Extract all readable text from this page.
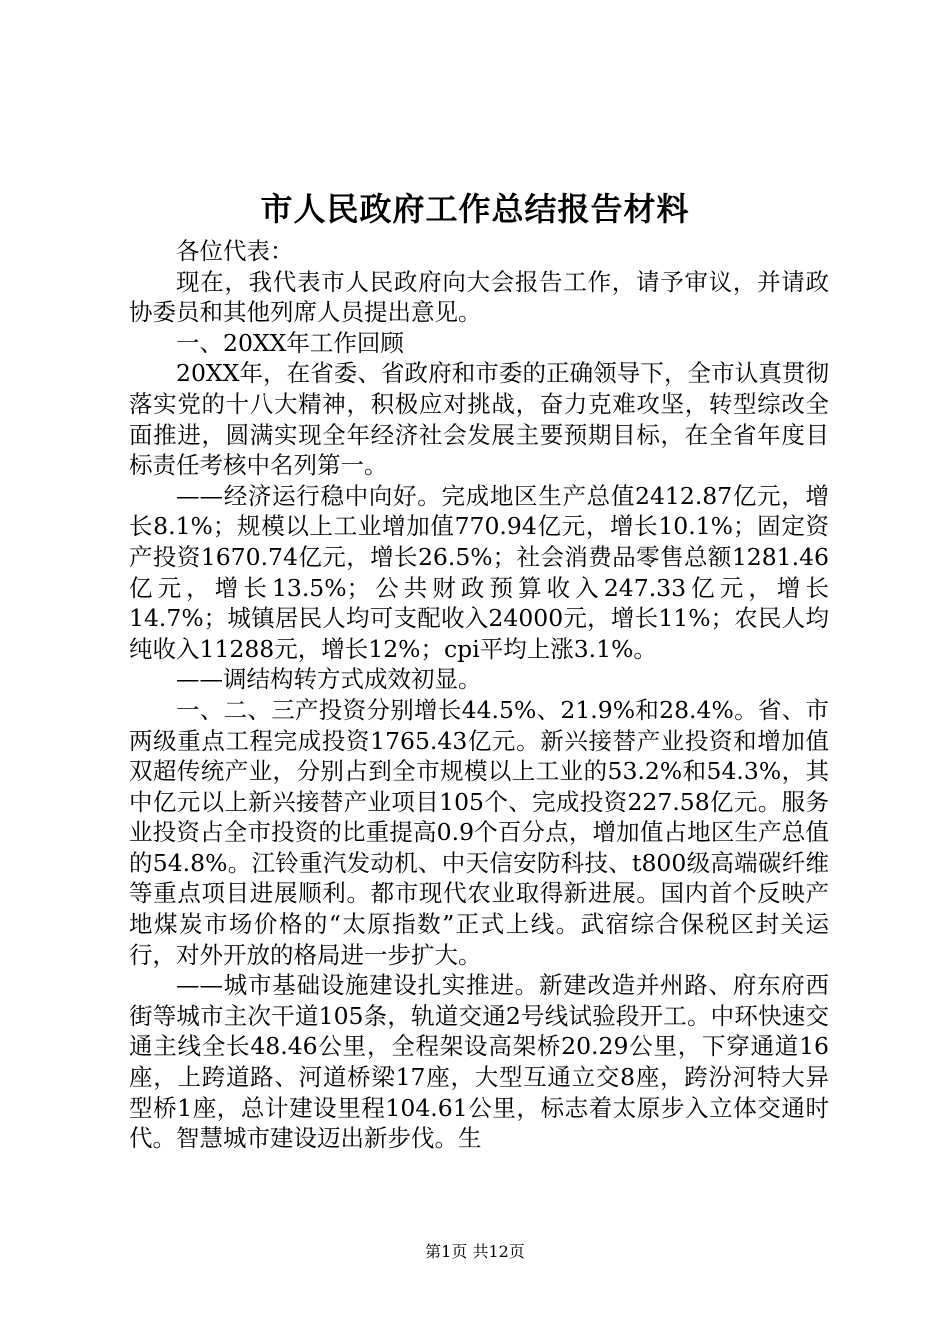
市人民政府工作总结报告材料

各位代表：

现在，我代表市人民政府向大会报告工作，请予审议，并请政协委员和其他列席人员提出意见。

一、20XX年工作回顾

20XX年，在省委、省政府和市委的正确领导下，全市认真贯彻落实党的十八大精神，积极应对挑战，奋力克难攻坚，转型综改全面推进，圆满实现全年经济社会发展主要预期目标，在全省年度目标责任考核中名列第一。

——经济运行稳中向好。完成地区生产总值2412.87亿元，增长8.1%；规模以上工业增加值770.94亿元，增长10.1%；固定资产投资1670.74亿元，增长26.5%；社会消费品零售总额1281.46亿元，增长13.5%；公共财政预算收入247.33亿元，增长14.7%；城镇居民人均可支配收入24000元，增长11%；农民人均纯收入11288元，增长12%；cpi平均上涨3.1%。

——调结构转方式成效初显。

一、二、三产投资分别增长44.5%、21.9%和28.4%。省、市两级重点工程完成投资1765.43亿元。新兴接替产业投资和增加值双超传统产业，分别占到全市规模以上工业的53.2%和54.3%，其中亿元以上新兴接替产业项目105个、完成投资227.58亿元。服务业投资占全市投资的比重提高0.9个百分点，增加值占地区生产总值的54.8%。江铃重汽发动机、中天信安防科技、t800级高端碳纤维等重点项目进展顺利。都市现代农业取得新进展。国内首个反映产地煤炭市场价格的“太原指数”正式上线。武宿综合保税区封关运行，对外开放的格局进一步扩大。

——城市基础设施建设扎实推进。新建改造并州路、府东府西街等城市主次干道105条，轨道交通2号线试验段开工。中环快速交通主线全长48.46公里，全程架设高架桥20.29公里，下穿通道16座，上跨道路、河道桥梁17座，大型互通立交8座，跨汾河特大异型桥1座，总计建设里程104.61公里，标志着太原步入立体交通时代。智慧城市建设迈出新步伐。生

第1页 共12页
